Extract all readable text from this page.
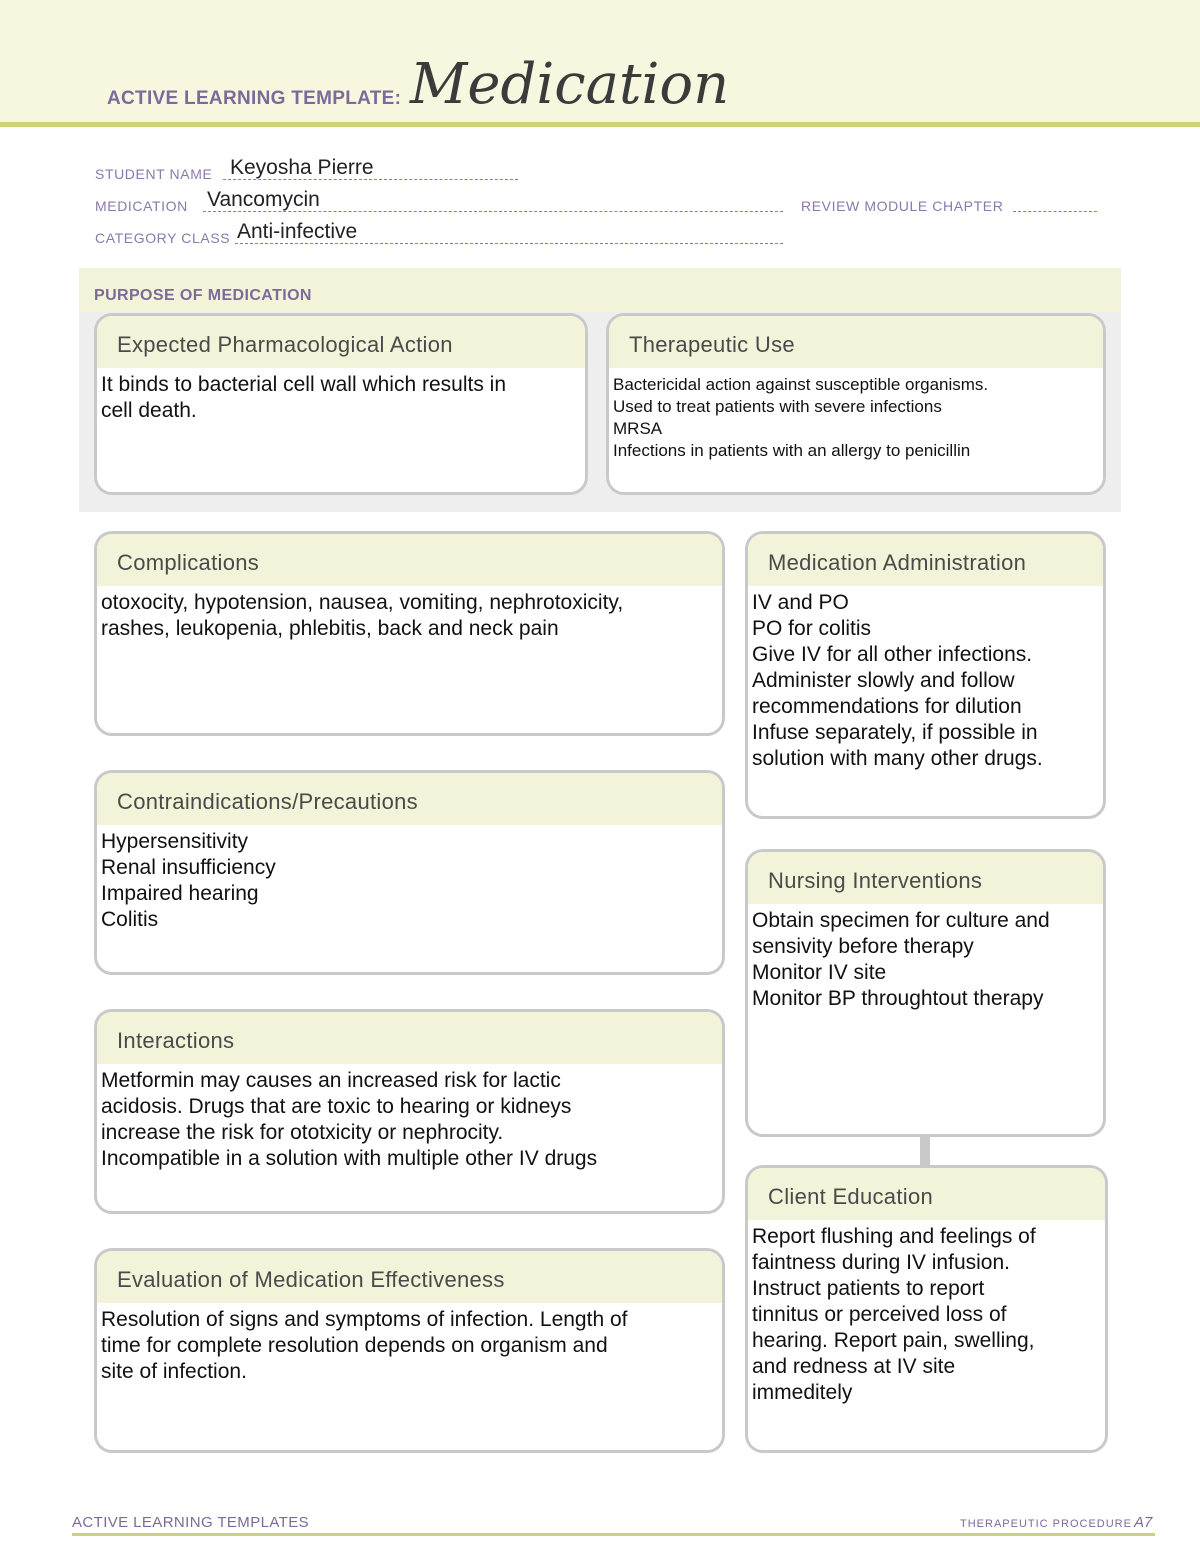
ACTIVE LEARNING TEMPLATE: Medication
STUDENT NAME Keyosha Pierre
MEDICATION Vancomycin	REVIEW MODULE CHAPTER
CATEGORY CLASS Anti-infective
PURPOSE OF MEDICATION
Expected Pharmacological Action

It binds to bacterial cell wall which results in

cell death.

Therapeutic Use

Bactericidal action against susceptible organisms.

Used to treat patients with severe infections

MRSA

Infections in patients with an allergy to penicillin

Complications

otoxocity, hypotension, nausea, vomiting, nephrotoxicity,

rashes, leukopenia, phlebitis, back and neck pain

Contraindications/Precautions

Hypersensitivity

Renal insufficiency

Impaired hearing

Colitis

Interactions

Metformin may causes an increased risk for lactic

acidosis. Drugs that are toxic to hearing or kidneys

increase the risk for ototxicity or nephrocity.

Incompatible in a solution with multiple other IV drugs

Evaluation of Medication Effectiveness

Resolution of signs and symptoms of infection. Length of

time for complete resolution depends on organism and

site of infection.

Medication Administration

IV and PO

PO for colitis

Give IV for all other infections.

Administer slowly and follow

recommendations for dilution

Infuse separately, if possible in

solution with many other drugs.

Nursing Interventions

Obtain specimen for culture and

sensivity before therapy

Monitor IV site

Monitor BP throughtout therapy

Client Education

Report flushing and feelings of

faintness during IV infusion.

Instruct patients to report

tinnitus or perceived loss of

hearing. Report pain, swelling,

and redness at IV site

immeditely

ACTIVE LEARNING TEMPLATES	THERAPEUTIC PROCEDURE A7
